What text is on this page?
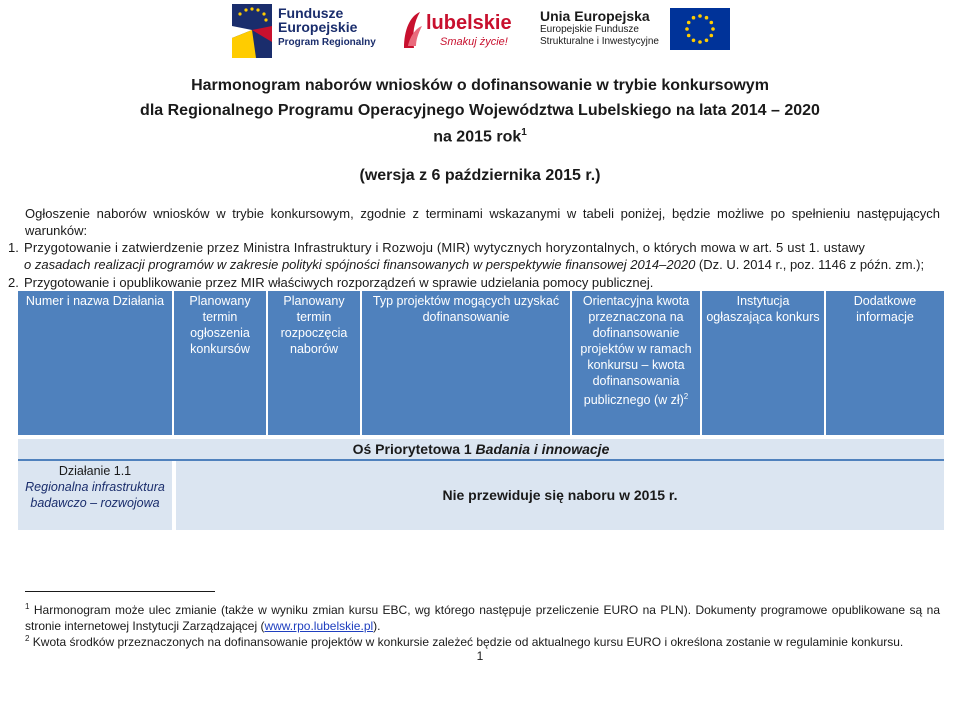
Fundusze
Europejskie
Program Regionalny
lubelskie
Smakuj życie!
Unia Europejska
Europejskie Fundusze
Strukturalne i Inwestycyjne
Harmonogram naborów wniosków o dofinansowanie w trybie konkursowym
dla Regionalnego Programu Operacyjnego Województwa Lubelskiego na lata 2014 – 2020
na 2015 rok$^1$
(wersja z 6 października 2015 r.)
Ogłoszenie naborów wniosków w trybie konkursowym, zgodnie z terminami wskazanymi w tabeli poniżej, będzie możliwe po spełnieniu następujących warunków:
1. Przygotowanie i zatwierdzenie przez Ministra Infrastruktury i Rozwoju (MIR) wytycznych horyzontalnych, o których mowa w art. 5 ust 1. ustawy
o zasadach realizacji programów w zakresie polityki spójności finansowanych w perspektywie finansowej 2014–2020 (Dz. U. 2014 r., poz. 1146 z późn. zm.);
2. Przygotowanie i opublikowanie przez MIR właściwych rozporządzeń w sprawie udzielania pomocy publicznej.
Numer i nazwa Działania	Planowany termin ogłoszenia konkursów
Planowany termin rozpoczęcia naborów
Typ projektów mogących uzyskać dofinansowanie
Orientacyjna kwota przeznaczona na dofinansowanie projektów w ramach konkursu – kwota dofinansowania publicznego (w zł)$^2$
Instytucja ogłaszająca konkurs
Dodatkowe informacje
Oś Priorytetowa 1 Badania i innowacje
Działanie 1.1
Regionalna infrastruktura badawczo – rozwojowa	Nie przewiduje się naboru w 2015 r.
$^1$ Harmonogram może ulec zmianie (także w wyniku zmian kursu EBC, wg którego następuje przeliczenie EURO na PLN). Dokumenty programowe opublikowane są na stronie internetowej Instytucji Zarządzającej (www.rpo.lubelskie.pl).
$^2$ Kwota środków przeznaczonych na dofinansowanie projektów w konkursie zależeć będzie od aktualnego kursu EURO i określona zostanie w regulaminie konkursu.
1
